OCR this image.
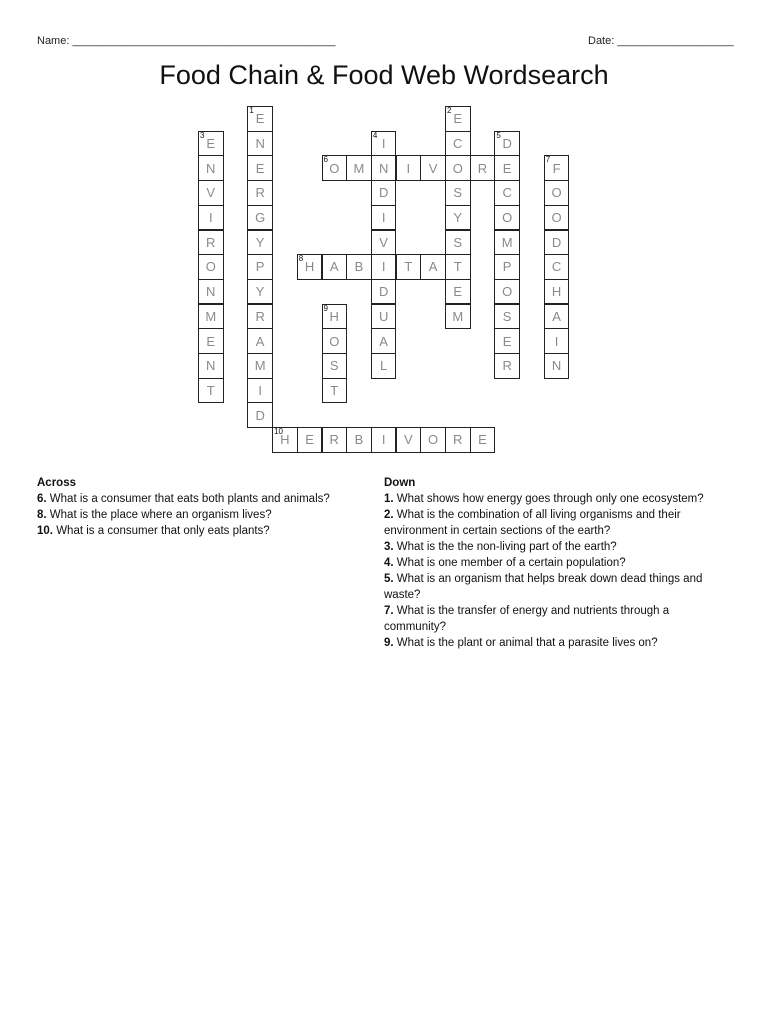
Name: ___________________________________________	Date: ___________________
Food Chain & Food Web Wordsearch
1
E
N
E
R
G
Y
P
Y
R
A
M
I
D
2
E
C
O
S
Y
S
T
E
M
3
E
N
V
I
R
O
N
M
E
N
T
4
I
N
D
I
V
I
D
U
A
L
5
D
E
C
O
M
P
O
S
E
R
6
O	M	I	V	R
7
F
O
O
D
C
H
A
I
N
8
H	A	B	T	A
9
H
O
S
T
10
H	E	R	B	I	V	O	R	E
Across
6. What is a consumer that eats both plants and animals?
8. What is the place where an organism lives?
10. What is a consumer that only eats plants?
Down
1. What shows how energy goes through only one ecosystem?
2. What is the combination of all living organisms and their environment in certain sections of the earth?
3. What is the the non-living part of the earth?
4. What is one member of a certain population?
5. What is an organism that helps break down dead things and waste?
7. What is the transfer of energy and nutrients through a community?
9. What is the plant or animal that a parasite lives on?
